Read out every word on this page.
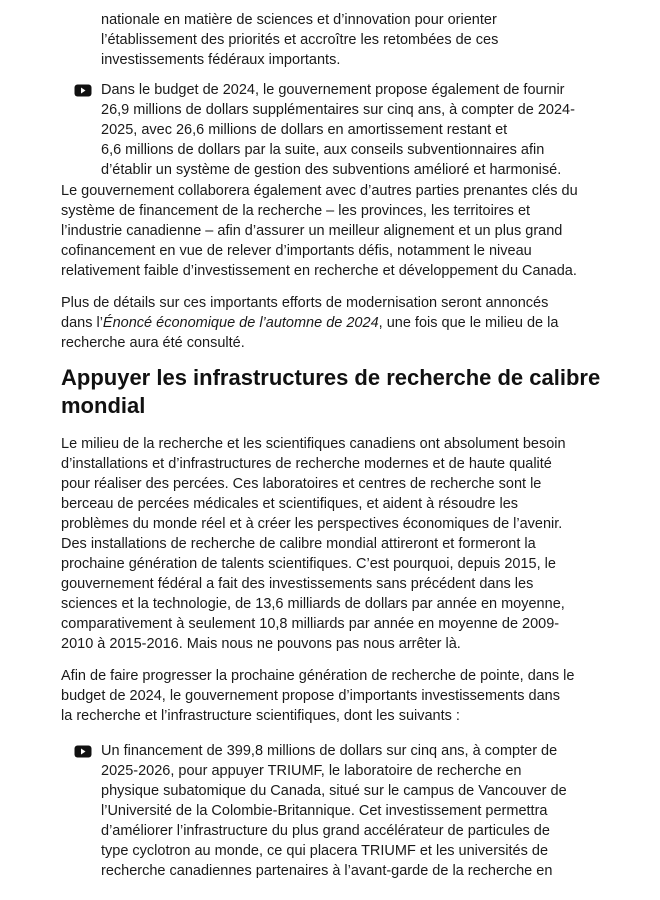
nationale en matière de sciences et d’innovation pour orienter
l’établissement des priorités et accroître les retombées de ces
investissements fédéraux importants.
Dans le budget de 2024, le gouvernement propose également de fournir
26,9 millions de dollars supplémentaires sur cinq ans, à compter de 2024-
2025, avec 26,6 millions de dollars en amortissement restant et
6,6 millions de dollars par la suite, aux conseils subventionnaires afin
d’établir un système de gestion des subventions amélioré et harmonisé.

Le gouvernement collaborera également avec d’autres parties prenantes clés du
système de financement de la recherche – les provinces, les territoires et
l’industrie canadienne – afin d’assurer un meilleur alignement et un plus grand
cofinancement en vue de relever d’importants défis, notamment le niveau
relativement faible d’investissement en recherche et développement du Canada.

Plus de détails sur ces importants efforts de modernisation seront annoncés
dans l’Énoncé économique de l’automne de 2024, une fois que le milieu de la
recherche aura été consulté.

Appuyer les infrastructures de recherche de calibre
mondial

Le milieu de la recherche et les scientifiques canadiens ont absolument besoin
d’installations et d’infrastructures de recherche modernes et de haute qualité
pour réaliser des percées. Ces laboratoires et centres de recherche sont le
berceau de percées médicales et scientifiques, et aident à résoudre les
problèmes du monde réel et à créer les perspectives économiques de l’avenir.
Des installations de recherche de calibre mondial attireront et formeront la
prochaine génération de talents scientifiques. C’est pourquoi, depuis 2015, le
gouvernement fédéral a fait des investissements sans précédent dans les
sciences et la technologie, de 13,6 milliards de dollars par année en moyenne,
comparativement à seulement 10,8 milliards par année en moyenne de 2009-
2010 à 2015-2016. Mais nous ne pouvons pas nous arrêter là.

Afin de faire progresser la prochaine génération de recherche de pointe, dans le
budget de 2024, le gouvernement propose d’importants investissements dans
la recherche et l’infrastructure scientifiques, dont les suivants :

Un financement de 399,8 millions de dollars sur cinq ans, à compter de
2025-2026, pour appuyer TRIUMF, le laboratoire de recherche en
physique subatomique du Canada, situé sur le campus de Vancouver de
l’Université de la Colombie-Britannique. Cet investissement permettra
d’améliorer l’infrastructure du plus grand accélérateur de particules de
type cyclotron au monde, ce qui placera TRIUMF et les universités de
recherche canadiennes partenaires à l’avant-garde de la recherche en
